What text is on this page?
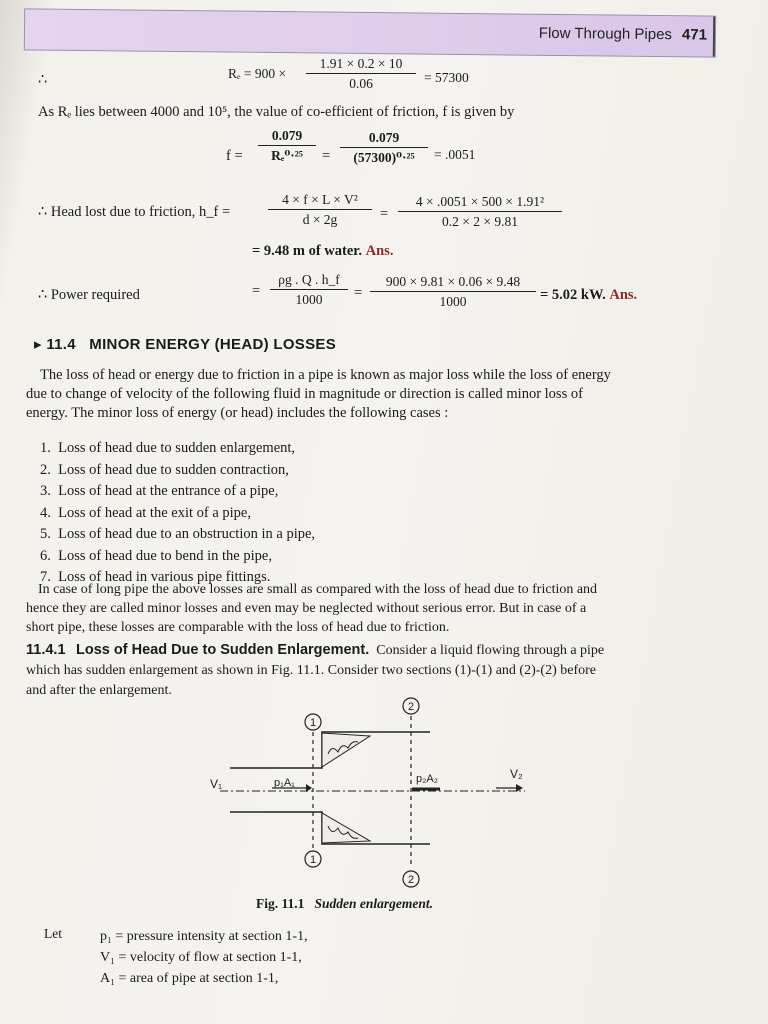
Flow Through Pipes 471
∴	$R_e = 900 \times \frac{1.91 \times 0.2 \times 10}{0.06} = 57300$
As Rₑ lies between 4000 and 10⁵, the value of co-efficient of friction, f is given by
$f = \frac{0.079}{\text{Rₑ⁰·²⁵}} = \frac{0.079}{\text{(57300)⁰·²⁵}} = .0051$
∴ Head lost due to friction, h_f =	$\frac{\text{4 × f × L × V²}}{d \times 2g} = \frac{\text{4 × .0051 × 500 × 1.91²}}{0.2 \times 2 \times 9.81}$
= 9.48 m of water. Ans.
∴ Power required	= $\frac{\rho g . Q . h\_f}{1000} = \frac{900 \times 9.81 \times 0.06 \times 9.48}{1000} = 5.02$ kW. Ans.
▸ 11.4 MINOR ENERGY (HEAD) LOSSES
The loss of head or energy due to friction in a pipe is known as major loss while the loss of energy
due to change of velocity of the following fluid in magnitude or direction is called minor loss of
energy. The minor loss of energy (or head) includes the following cases :
1. Loss of head due to sudden enlargement,
2. Loss of head due to sudden contraction,
3. Loss of head at the entrance of a pipe,
4. Loss of head at the exit of a pipe,
5. Loss of head due to an obstruction in a pipe,
6. Loss of head due to bend in the pipe,
7. Loss of head in various pipe fittings.
In case of long pipe the above losses are small as compared with the loss of head due to friction and
hence they are called minor losses and even may be neglected without serious error. But in case of a
short pipe, these losses are comparable with the loss of head due to friction.
11.4.1 Loss of Head Due to Sudden Enlargement. Consider a liquid flowing through a pipe
which has sudden enlargement as shown in Fig. 11.1. Consider two sections (1)-(1) and (2)-(2) before
and after the enlargement.
1
2
V₁	p₁A₁	p₂A₂	V₂
1
2
Fig. 11.1 Sudden enlargement.
Let	p₁ = pressure intensity at section 1-1,
V₁ = velocity of flow at section 1-1,
A₁ = area of pipe at section 1-1,
